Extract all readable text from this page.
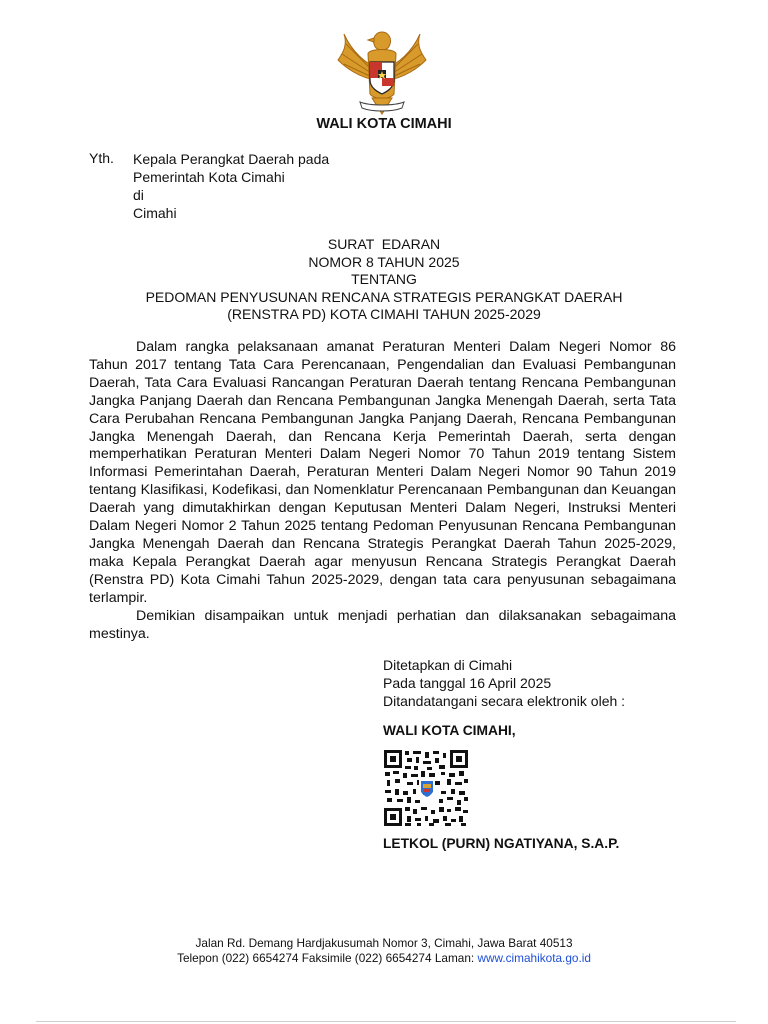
WALI KOTA CIMAHI
Yth. Kepala Perangkat Daerah pada
Pemerintah Kota Cimahi
di
Cimahi
SURAT  EDARAN
NOMOR 8 TAHUN 2025
TENTANG
PEDOMAN PENYUSUNAN RENCANA STRATEGIS PERANGKAT DAERAH
(RENSTRA PD) KOTA CIMAHI TAHUN 2025-2029

Dalam rangka pelaksanaan amanat Peraturan Menteri Dalam Negeri Nomor 86 Tahun 2017 tentang Tata Cara Perencanaan, Pengendalian dan Evaluasi Pembangunan Daerah, Tata Cara Evaluasi Rancangan Peraturan Daerah tentang Rencana Pembangunan Jangka Panjang Daerah dan Rencana Pembangunan Jangka Menengah Daerah, serta Tata Cara Perubahan Rencana Pembangunan Jangka Panjang Daerah, Rencana Pembangunan Jangka Menengah Daerah, dan Rencana Kerja Pemerintah Daerah, serta dengan memperhatikan Peraturan Menteri Dalam Negeri Nomor 70 Tahun 2019 tentang Sistem Informasi Pemerintahan Daerah, Peraturan Menteri Dalam Negeri Nomor 90 Tahun 2019 tentang Klasifikasi, Kodefikasi, dan Nomenklatur Perencanaan Pembangunan dan Keuangan Daerah yang dimutakhirkan dengan Keputusan Menteri Dalam Negeri, Instruksi Menteri Dalam Negeri Nomor 2 Tahun 2025 tentang Pedoman Penyusunan Rencana Pembangunan Jangka Menengah Daerah dan Rencana Strategis Perangkat Daerah Tahun 2025-2029, maka Kepala Perangkat Daerah agar menyusun Rencana Strategis Perangkat Daerah (Renstra PD) Kota Cimahi Tahun 2025-2029, dengan tata cara penyusunan sebagaimana terlampir.

Demikian disampaikan untuk menjadi perhatian dan dilaksanakan sebagaimana mestinya.

Ditetapkan di Cimahi
Pada tanggal 16 April 2025
Ditandatangani secara elektronik oleh :
WALI KOTA CIMAHI,
LETKOL (PURN) NGATIYANA, S.A.P.
Jalan Rd. Demang Hardjakusumah Nomor 3, Cimahi, Jawa Barat 40513
Telepon (022) 6654274 Faksimile (022) 6654274 Laman: www.cimahikota.go.id
